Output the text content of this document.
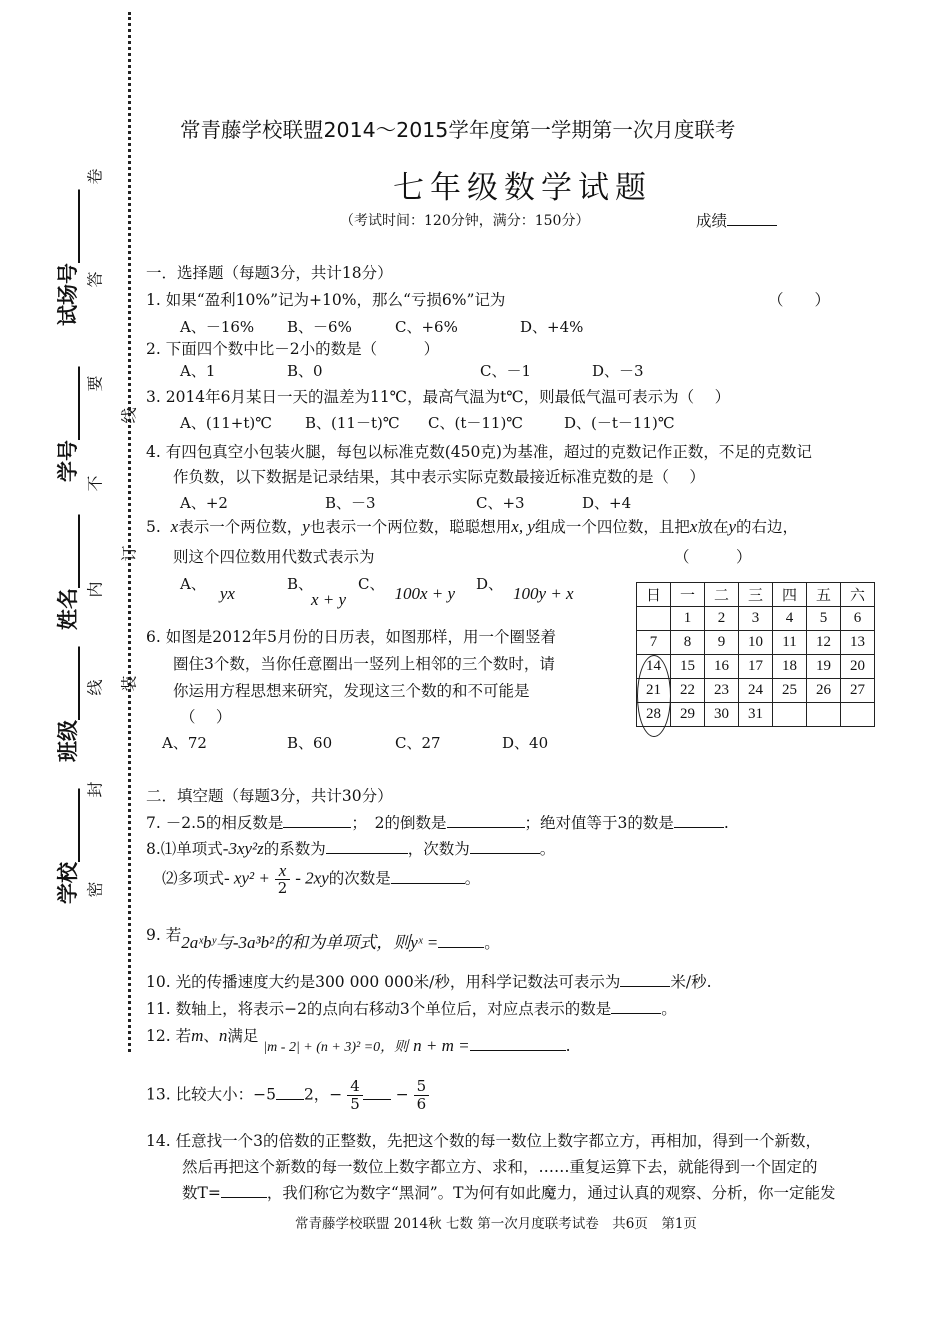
试场号_______
学号_______
姓名_______
班级_______
学校_______
卷
答
要
不
内
线
封
密
线
订
装
常青藤学校联盟2014～2015学年度第一学期第一次月度联考
七年级数学试题
（考试时间：120分钟，满分：150分）	成绩
一．选择题（每题3分，共计18分）
1. 如果“盈利10%”记为+10%，那么“亏损6%”记为	（　　）
A、－16% B、－6%	C、+6%	D、+4%
2. 下面四个数中比－2小的数是（　　　）
A、1	B、0	C、－1	D、－3
3. 2014年6月某日一天的温差为11℃，最高气温为t℃，则最低气温可表示为（　 ）
A、(11+t)℃ B、(11－t)℃ C、(t－11)℃	D、(－t－11)℃
4. 有四包真空小包装火腿，每包以标准克数(450克)为基准，超过的克数记作正数，不足的克数记
作负数，以下数据是记录结果，其中表示实际克数最接近标准克数的是（　 ）
A、+2	B、－3	C、+3	D、+4
5. x表示一个两位数，y也表示一个两位数，聪聪想用x, y组成一个四位数，且把x放在y的右边，
则这个四位数用代数式表示为	（　　　）
A、 yx	B、
x + y
C、 100x + y D、 100y + x
6. 如图是2012年5月份的日历表，如图那样，用一个圈竖着
圈住3个数，当你任意圈出一竖列上相邻的三个数时，请
你运用方程思想来研究，发现这三个数的和不可能是
（　 ）
A、72	B、60	C、27	D、40
日	一	二	三	四	五	六
	1	2	3	4	5	6
7	8	9	10	11	12	13
14	15	16	17	18	19	20
21	22	23	24	25	26	27
28	29	30	31			
二．填空题（每题3分，共计30分）
7. －2.5的相反数是	；　2的倒数是	；绝对值等于3的数是	.
8.⑴单项式-3xy²z的系数为	，次数为	。
⑵多项式- $xy^2 + \frac{x}{2} - 2xy$的次数是	。
9. 若2aˣbʸ与-3a³b²的和为单项式，则yˣ =	。
10. 光的传播速度大约是300 000 000米/秒，用科学记数法可表示为	米/秒.
11. 数轴上，将表示−2的点向右移动3个单位后，对应点表示的数是	。
12. 若m、n满足 |m - 2| + (n + 3)² =0，则 n + m =	.
13. 比较大小：−5 2，− $\frac{4}{5} - \frac{5}{6}$
14. 任意找一个3的倍数的正整数，先把这个数的每一数位上数字都立方，再相加，得到一个新数，
然后再把这个新数的每一数位上数字都立方、求和，……重复运算下去，就能得到一个固定的
数T=	，我们称它为数字“黑洞”。T为何有如此魔力，通过认真的观察、分析，你一定能发
常青藤学校联盟 2014秋 七数 第一次月度联考试卷　共6页　第1页
